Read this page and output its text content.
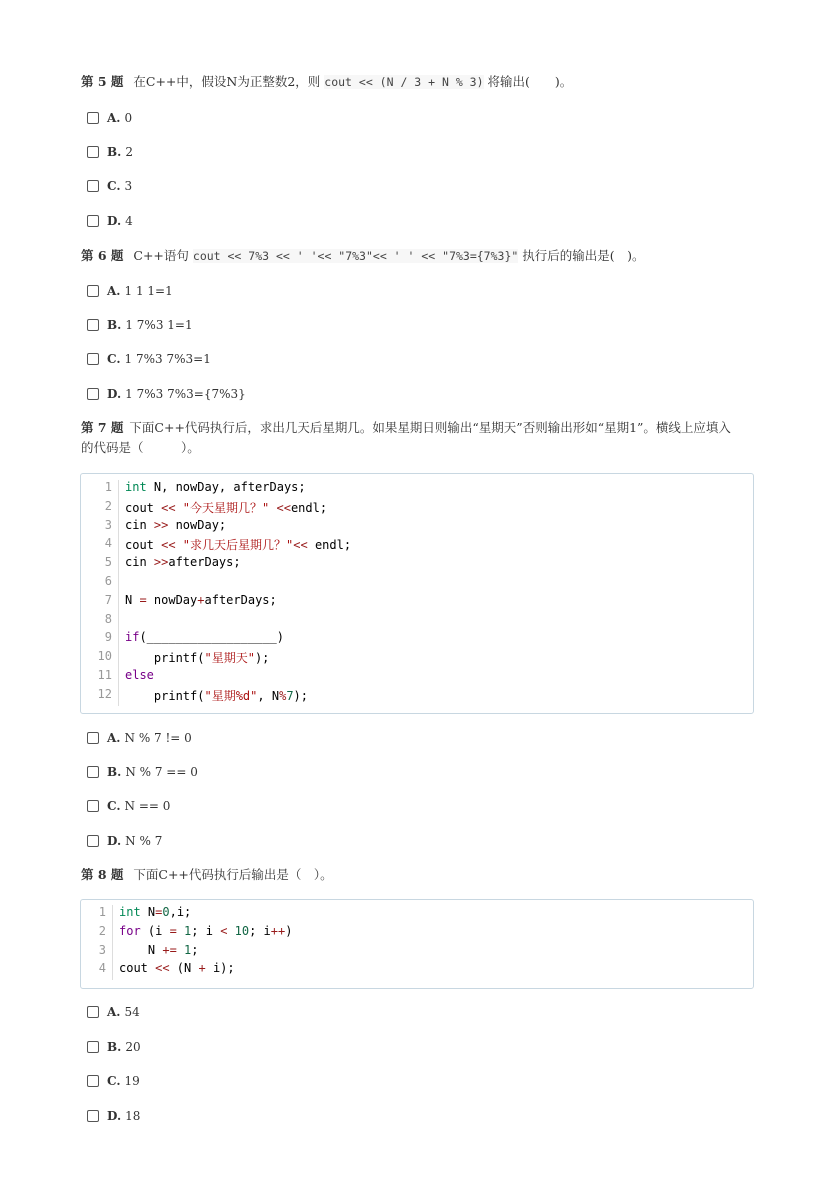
第 5 题 在C++中，假设N为正整数2，则 cout << (N / 3 + N % 3) 将输出(　　)。
A. 0
B. 2
C. 3
D. 4
第 6 题 C++语句 cout << 7%3 << ' '<< "7%3"<< ' ' << "7%3={7%3}" 执行后的输出是(　)。
A. 1 1 1=1
B. 1 7%3 1=1
C. 1 7%3 7%3=1
D. 1 7%3 7%3={7%3}
第 7 题 下面C++代码执行后，求出几天后星期几。如果星期日则输出“星期天”否则输出形如“星期1”。横线上应填入
的代码是（　　　）。
1	int N, nowDay, afterDays;
2	cout << "今天星期几？" <<endl;
3	cin >> nowDay;
4	cout << "求几天后星期几？"<< endl;
5	cin >>afterDays;
6
7	N = nowDay+afterDays;
8
9	if(__________________)
10	printf("星期天");
11	else
12	printf("星期%d", N%7);
A. N % 7 != 0
B. N % 7 == 0
C. N == 0
D. N % 7
第 8 题 下面C++代码执行后输出是（　）。
1	int N=0,i;
2	for (i = 1; i < 10; i++)
3	N += 1;
4	cout << (N + i);
A. 54
B. 20
C. 19
D. 18
